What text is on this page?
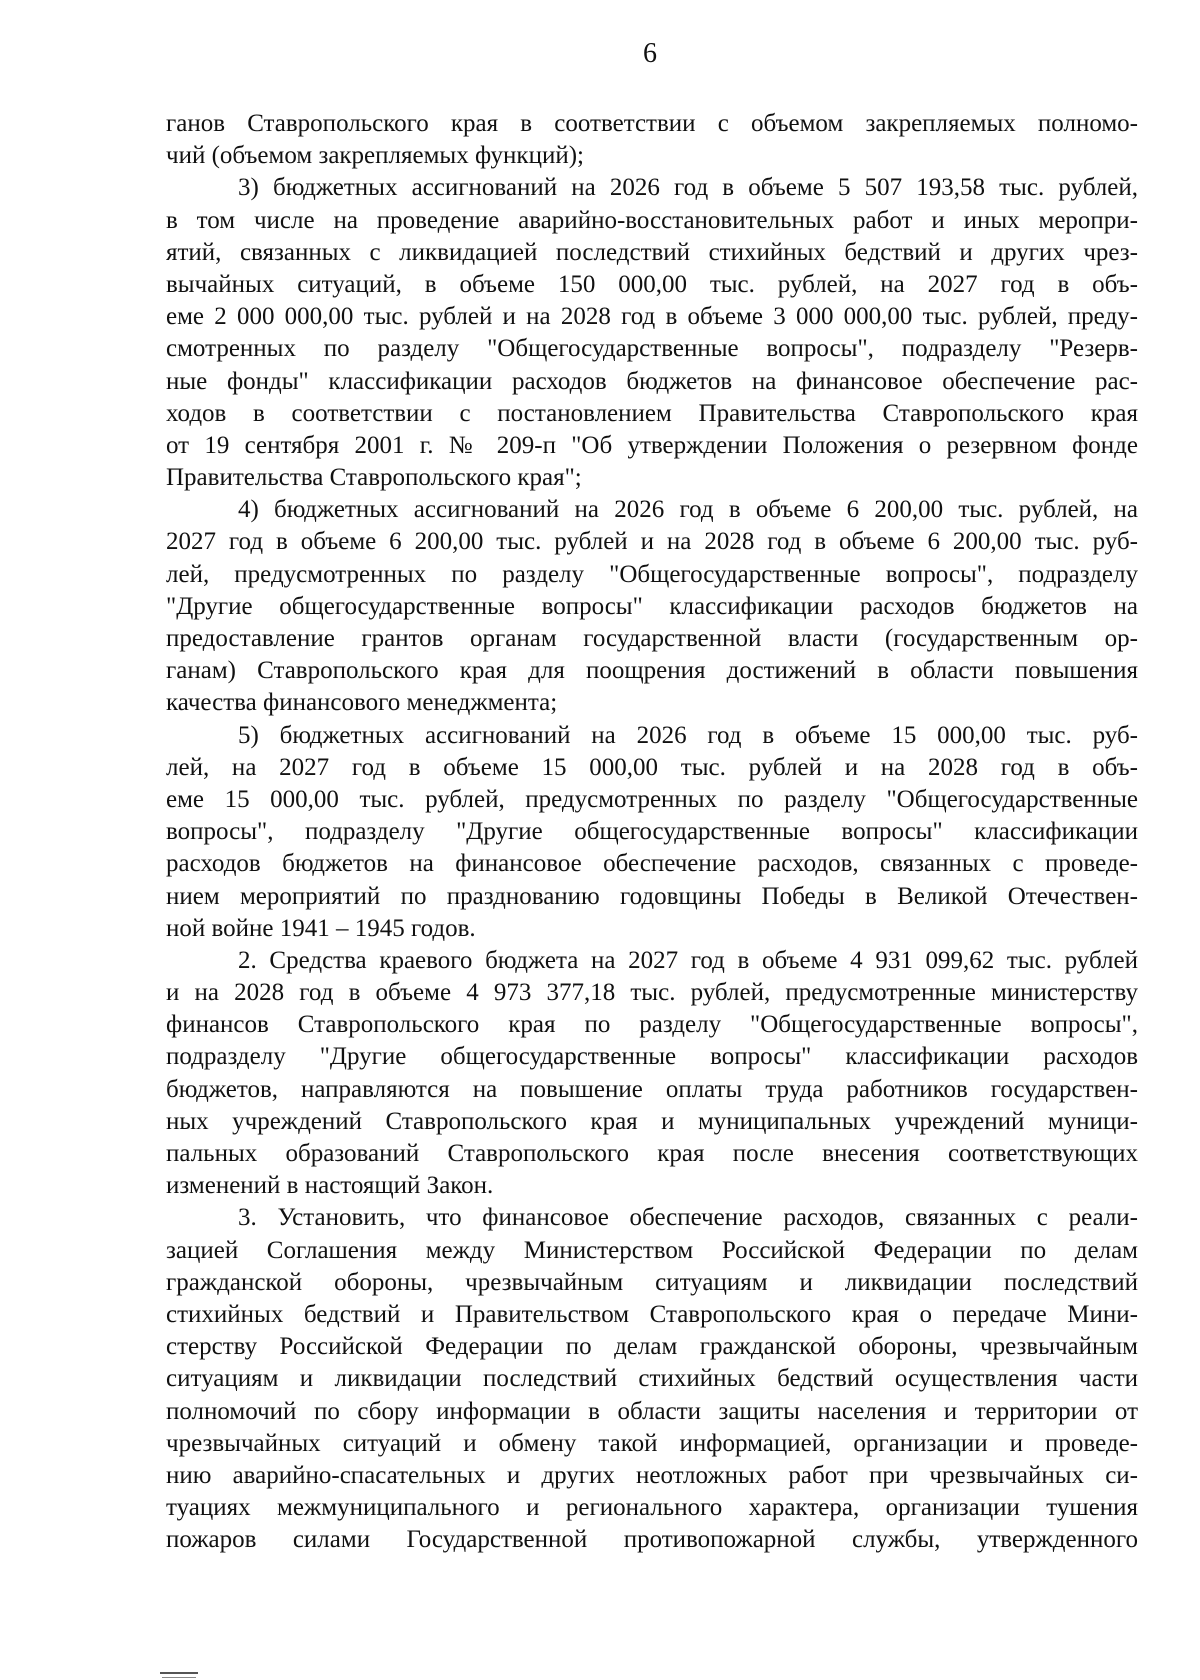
6
ганов Ставропольского края в соответствии с объемом закрепляемых полномо-
чий (объемом закрепляемых функций);
3) бюджетных ассигнований на 2026 год в объеме 5 507 193,58 тыс. рублей,
в том числе на проведение аварийно-восстановительных работ и иных меропри-
ятий, связанных с ликвидацией последствий стихийных бедствий и других чрез-
вычайных ситуаций, в объеме 150 000,00 тыс. рублей, на 2027 год в объ-
еме 2 000 000,00 тыс. рублей и на 2028 год в объеме 3 000 000,00 тыс. рублей, преду-
смотренных по разделу "Общегосударственные вопросы", подразделу "Резерв-
ные фонды" классификации расходов бюджетов на финансовое обеспечение рас-
ходов в соответствии с постановлением Правительства Ставропольского края
от 19 сентября 2001 г. № 209-п "Об утверждении Положения о резервном фонде
Правительства Ставропольского края";
4) бюджетных ассигнований на 2026 год в объеме 6 200,00 тыс. рублей, на
2027 год в объеме 6 200,00 тыс. рублей и на 2028 год в объеме 6 200,00 тыс. руб-
лей, предусмотренных по разделу "Общегосударственные вопросы", подразделу
"Другие общегосударственные вопросы" классификации расходов бюджетов на
предоставление грантов органам государственной власти (государственным ор-
ганам) Ставропольского края для поощрения достижений в области повышения
качества финансового менеджмента;
5) бюджетных ассигнований на 2026 год в объеме 15 000,00 тыс. руб-
лей, на 2027 год в объеме 15 000,00 тыс. рублей и на 2028 год в объ-
еме 15 000,00 тыс. рублей, предусмотренных по разделу "Общегосударственные
вопросы", подразделу "Другие общегосударственные вопросы" классификации
расходов бюджетов на финансовое обеспечение расходов, связанных с проведе-
нием мероприятий по празднованию годовщины Победы в Великой Отечествен-
ной войне 1941 – 1945 годов.
2. Средства краевого бюджета на 2027 год в объеме 4 931 099,62 тыс. рублей
и на 2028 год в объеме 4 973 377,18 тыс. рублей, предусмотренные министерству
финансов Ставропольского края по разделу "Общегосударственные вопросы",
подразделу "Другие общегосударственные вопросы" классификации расходов
бюджетов, направляются на повышение оплаты труда работников государствен-
ных учреждений Ставропольского края и муниципальных учреждений муници-
пальных образований Ставропольского края после внесения соответствующих
изменений в настоящий Закон.
3. Установить, что финансовое обеспечение расходов, связанных с реали-
зацией Соглашения между Министерством Российской Федерации по делам
гражданской обороны, чрезвычайным ситуациям и ликвидации последствий
стихийных бедствий и Правительством Ставропольского края о передаче Мини-
стерству Российской Федерации по делам гражданской обороны, чрезвычайным
ситуациям и ликвидации последствий стихийных бедствий осуществления части
полномочий по сбору информации в области защиты населения и территории от
чрезвычайных ситуаций и обмену такой информацией, организации и проведе-
нию аварийно-спасательных и других неотложных работ при чрезвычайных си-
туациях межмуниципального и регионального характера, организации тушения
пожаров силами Государственной противопожарной службы, утвержденного
